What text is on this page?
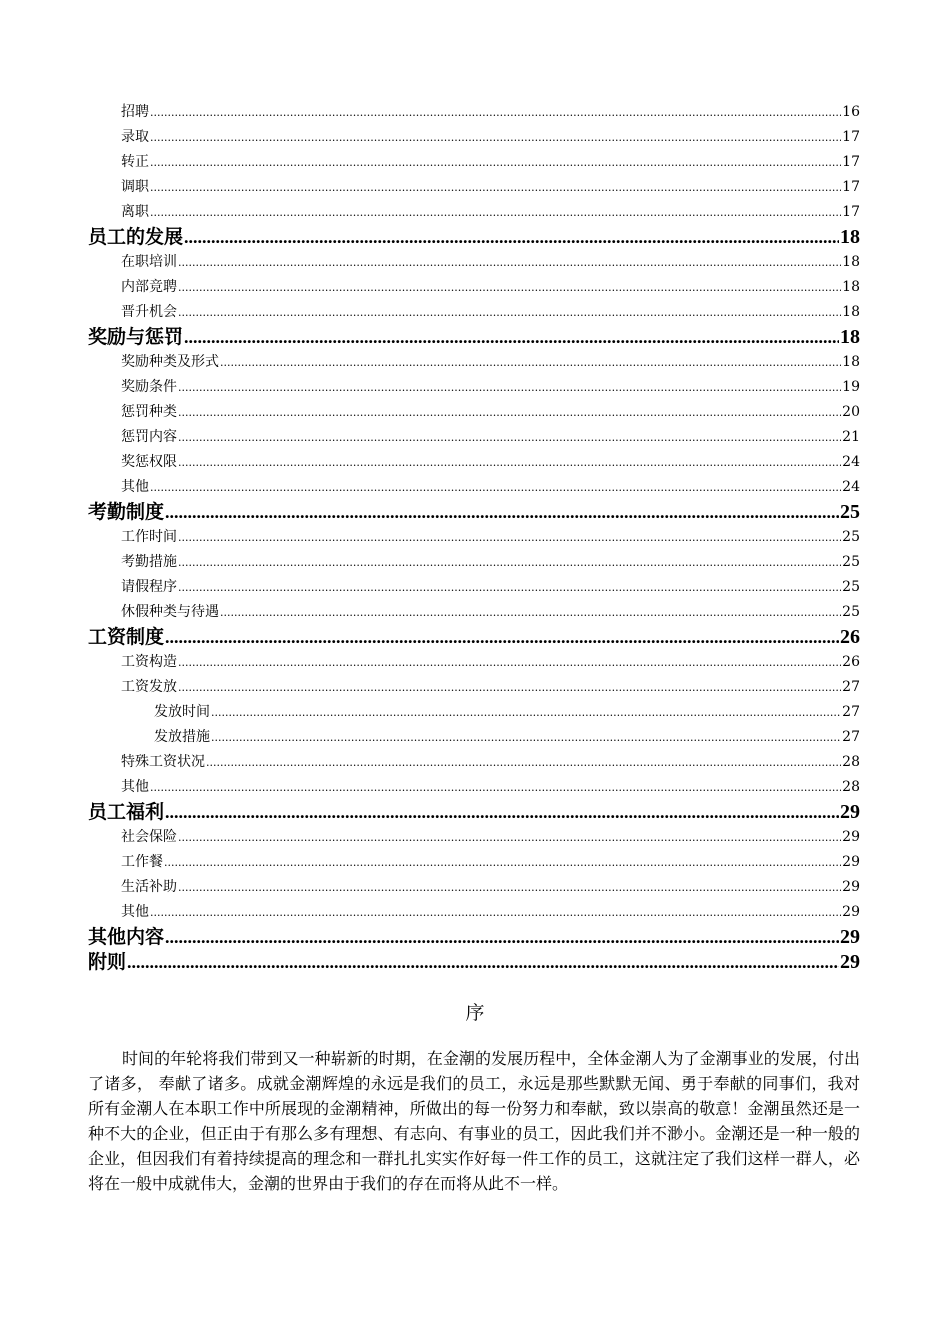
招聘 .....	16
录取 .....	17
转正 .....	17
调职 .....	17
离职 .....	17
员工的发展 .....	18
在职培训 .....	18
内部竞聘 .....	18
晋升机会 .....	18
奖励与惩罚 .....	18
奖励种类及形式 .....	18
奖励条件 .....	19
惩罚种类 .....	20
惩罚内容 .....	21
奖惩权限 .....	24
其他 .....	24
考勤制度 .....	25
工作时间 .....	25
考勤措施 .....	25
请假程序 .....	25
休假种类与待遇 .....	25
工资制度 .....	26
工资构造 .....	26
工资发放 .....	27
发放时间 .....	27
发放措施 .....	27
特殊工资状况 .....	28
其他 .....	28
员工福利 .....	29
社会保险 .....	29
工作餐 .....	29
生活补助 .....	29
其他 .....	29
其他内容 .....	29
附则 .....	29
序

时间的年轮将我们带到又一种崭新的时期，在金潮的发展历程中，全体金潮人为了金潮事业的发展，付出了诸多， 奉献了诸多。成就金潮辉煌的永远是我们的员工，永远是那些默默无闻、勇于奉献的同事们，我对所有金潮人在本职工作中所展现的金潮精神，所做出的每一份努力和奉献，致以崇高的敬意！金潮虽然还是一种不大的企业，但正由于有那么多有理想、有志向、有事业的员工，因此我们并不渺小。金潮还是一种一般的企业，但因我们有着持续提高的理念和一群扎扎实实作好每一件工作的员工，这就注定了我们这样一群人，必将在一般中成就伟大，金潮的世界由于我们的存在而将从此不一样。
